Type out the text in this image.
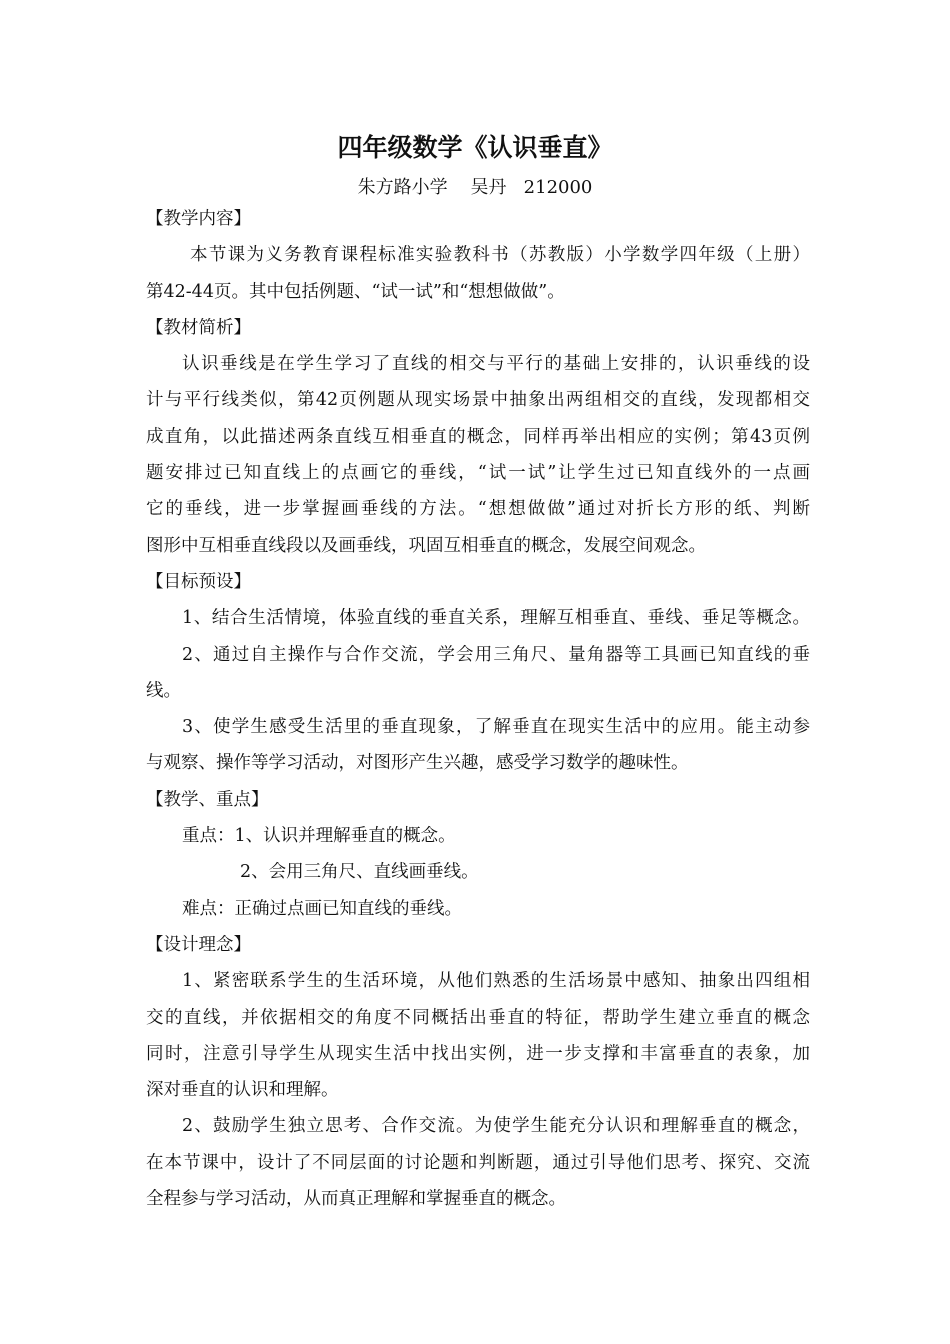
四年级数学《认识垂直》
朱方路小学    吴丹   212000
【教学内容】
本节课为义务教育课程标准实验教科书（苏教版）小学数学四年级（上册）
第42-44页。其中包括例题、“试一试”和“想想做做”。
【教材简析】
认识垂线是在学生学习了直线的相交与平行的基础上安排的，认识垂线的设
计与平行线类似，第42页例题从现实场景中抽象出两组相交的直线，发现都相交
成直角，以此描述两条直线互相垂直的概念，同样再举出相应的实例；第43页例
题安排过已知直线上的点画它的垂线，“试一试”让学生过已知直线外的一点画
它的垂线，进一步掌握画垂线的方法。“想想做做”通过对折长方形的纸、判断
图形中互相垂直线段以及画垂线，巩固互相垂直的概念，发展空间观念。
【目标预设】
1、结合生活情境，体验直线的垂直关系，理解互相垂直、垂线、垂足等概念。
2、通过自主操作与合作交流，学会用三角尺、量角器等工具画已知直线的垂
线。
3、使学生感受生活里的垂直现象，了解垂直在现实生活中的应用。能主动参
与观察、操作等学习活动，对图形产生兴趣，感受学习数学的趣味性。
【教学、重点】
重点：1、认识并理解垂直的概念。
2、会用三角尺、直线画垂线。
难点：正确过点画已知直线的垂线。
【设计理念】
1、紧密联系学生的生活环境，从他们熟悉的生活场景中感知、抽象出四组相
交的直线，并依据相交的角度不同概括出垂直的特征，帮助学生建立垂直的概念
同时，注意引导学生从现实生活中找出实例，进一步支撑和丰富垂直的表象，加
深对垂直的认识和理解。
2、鼓励学生独立思考、合作交流。为使学生能充分认识和理解垂直的概念，
在本节课中，设计了不同层面的讨论题和判断题，通过引导他们思考、探究、交流
全程参与学习活动，从而真正理解和掌握垂直的概念。
